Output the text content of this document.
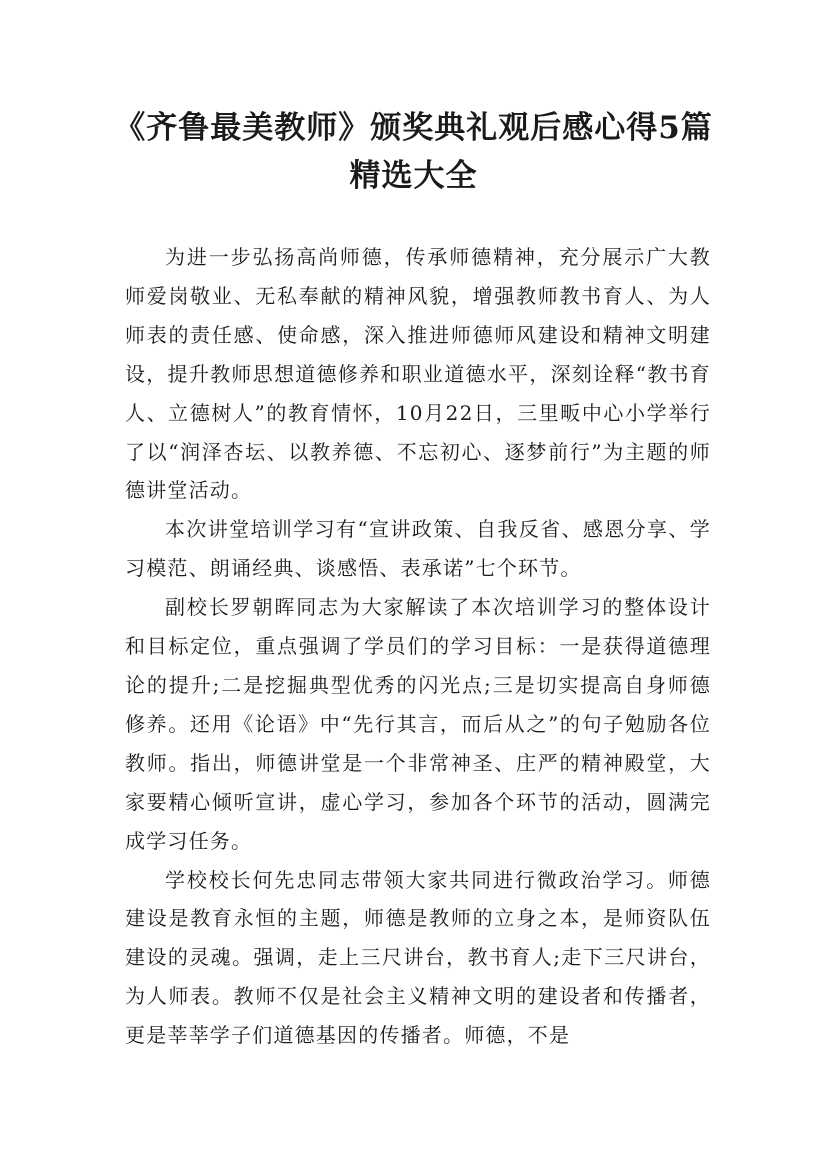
《齐鲁最美教师》颁奖典礼观后感心得5篇精选大全

为进一步弘扬高尚师德，传承师德精神，充分展示广大教师爱岗敬业、无私奉献的精神风貌，增强教师教书育人、为人师表的责任感、使命感，深入推进师德师风建设和精神文明建设，提升教师思想道德修养和职业道德水平，深刻诠释“教书育人、立德树人”的教育情怀，10月22日，三里畈中心小学举行了以“润泽杏坛、以教养德、不忘初心、逐梦前行”为主题的师德讲堂活动。

本次讲堂培训学习有“宣讲政策、自我反省、感恩分享、学习模范、朗诵经典、谈感悟、表承诺”七个环节。

副校长罗朝晖同志为大家解读了本次培训学习的整体设计和目标定位，重点强调了学员们的学习目标：一是获得道德理论的提升;二是挖掘典型优秀的闪光点;三是切实提高自身师德修养。还用《论语》中“先行其言，而后从之”的句子勉励各位教师。指出，师德讲堂是一个非常神圣、庄严的精神殿堂，大家要精心倾听宣讲，虚心学习，参加各个环节的活动，圆满完成学习任务。

学校校长何先忠同志带领大家共同进行微政治学习。师德建设是教育永恒的主题，师德是教师的立身之本，是师资队伍建设的灵魂。强调，走上三尺讲台，教书育人;走下三尺讲台，为人师表。教师不仅是社会主义精神文明的建设者和传播者，更是莘莘学子们道德基因的传播者。师德，不是
